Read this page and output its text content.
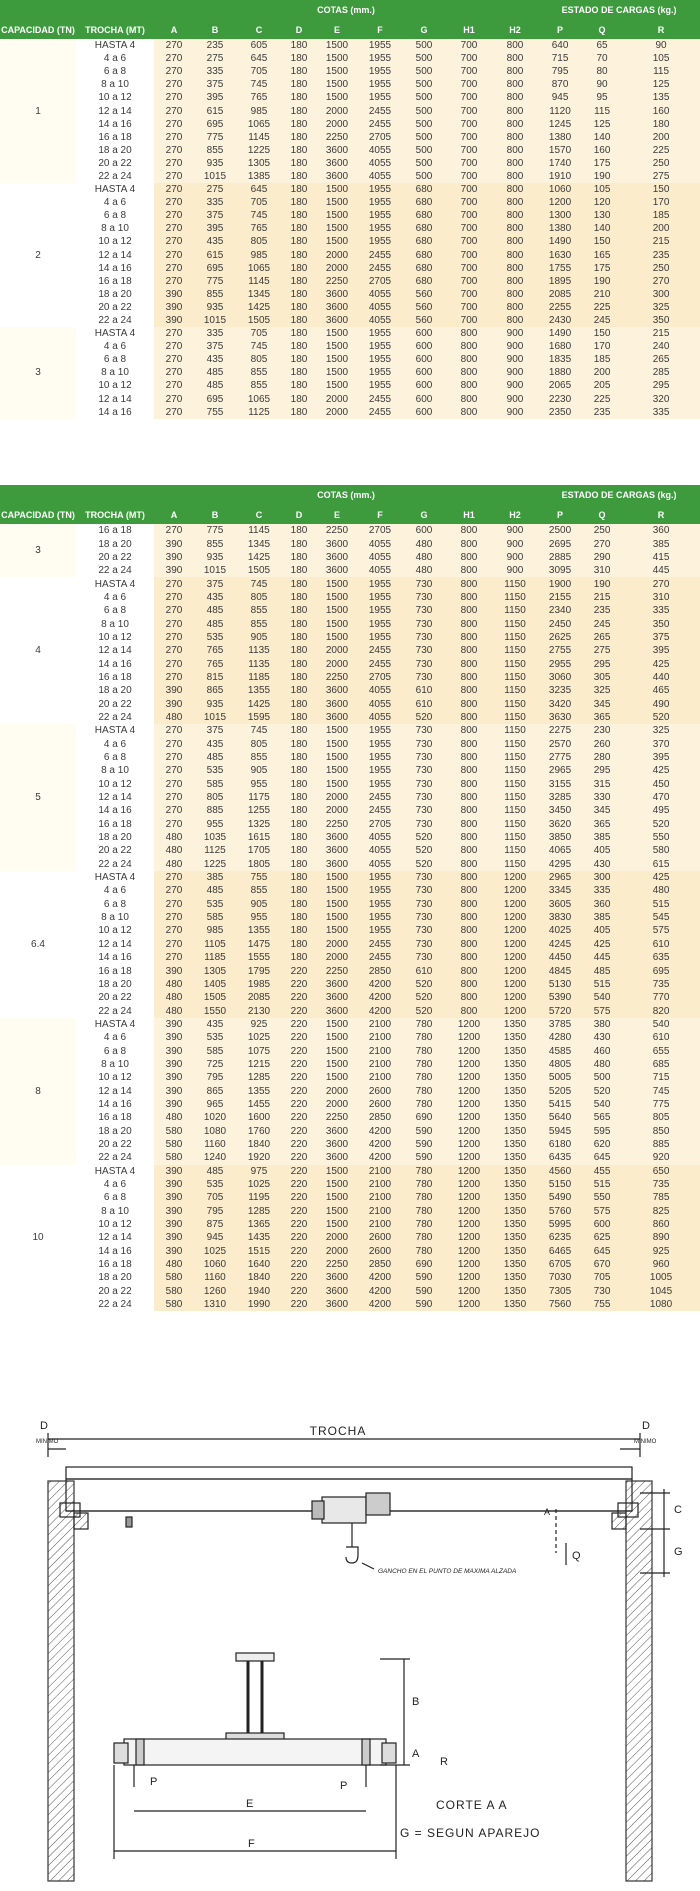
		COTAS (mm.)									ESTADO DE CARGAS (kg.)		
CAPACIDAD (TN)	TROCHA (MT)	A	B	C	D	E	F	G	H1	H2	P	Q	R
1	HASTA 4	270	235	605	180	1500	1955	500	700	800	640	65	90
	4 a 6	270	275	645	180	1500	1955	500	700	800	715	70	105
	6 a 8	270	335	705	180	1500	1955	500	700	800	795	80	115
	8 a 10	270	375	745	180	1500	1955	500	700	800	870	90	125
	10 a 12	270	395	765	180	1500	1955	500	700	800	945	95	135
	12 a 14	270	615	985	180	2000	2455	500	700	800	1120	115	160
	14 a 16	270	695	1065	180	2000	2455	500	700	800	1245	125	180
	16 a 18	270	775	1145	180	2250	2705	500	700	800	1380	140	200
	18 a 20	270	855	1225	180	3600	4055	500	700	800	1570	160	225
	20 a 22	270	935	1305	180	3600	4055	500	700	800	1740	175	250
	22 a 24	270	1015	1385	180	3600	4055	500	700	800	1910	190	275
2	HASTA 4	270	275	645	180	1500	1955	680	700	800	1060	105	150
	4 a 6	270	335	705	180	1500	1955	680	700	800	1200	120	170
	6 a 8	270	375	745	180	1500	1955	680	700	800	1300	130	185
	8 a 10	270	395	765	180	1500	1955	680	700	800	1380	140	200
	10 a 12	270	435	805	180	1500	1955	680	700	800	1490	150	215
	12 a 14	270	615	985	180	2000	2455	680	700	800	1630	165	235
	14 a 16	270	695	1065	180	2000	2455	680	700	800	1755	175	250
	16 a 18	270	775	1145	180	2250	2705	680	700	800	1895	190	270
	18 a 20	390	855	1345	180	3600	4055	560	700	800	2085	210	300
	20 a 22	390	935	1425	180	3600	4055	560	700	800	2255	225	325
	22 a 24	390	1015	1505	180	3600	4055	560	700	800	2430	245	350
3	HASTA 4	270	335	705	180	1500	1955	600	800	900	1490	150	215
	4 a 6	270	375	745	180	1500	1955	600	800	900	1680	170	240
	6 a 8	270	435	805	180	1500	1955	600	800	900	1835	185	265
	8 a 10	270	485	855	180	1500	1955	600	800	900	1880	200	285
	10 a 12	270	485	855	180	1500	1955	600	800	900	2065	205	295
	12 a 14	270	695	1065	180	2000	2455	600	800	900	2230	225	320
	14 a 16	270	755	1125	180	2000	2455	600	800	900	2350	235	335
		COTAS (mm.)									ESTADO DE CARGAS (kg.)		
CAPACIDAD (TN)	TROCHA (MT)	A	B	C	D	E	F	G	H1	H2	P	Q	R
3	16 a 18	270	775	1145	180	2250	2705	600	800	900	2500	250	360
	18 a 20	390	855	1345	180	3600	4055	480	800	900	2695	270	385
	20 a 22	390	935	1425	180	3600	4055	480	800	900	2885	290	415
	22 a 24	390	1015	1505	180	3600	4055	480	800	900	3095	310	445
4	HASTA 4	270	375	745	180	1500	1955	730	800	1150	1900	190	270
	4 a 6	270	435	805	180	1500	1955	730	800	1150	2155	215	310
	6 a 8	270	485	855	180	1500	1955	730	800	1150	2340	235	335
	8 a 10	270	485	855	180	1500	1955	730	800	1150	2450	245	350
	10 a 12	270	535	905	180	1500	1955	730	800	1150	2625	265	375
	12 a 14	270	765	1135	180	2000	2455	730	800	1150	2755	275	395
	14 a 16	270	765	1135	180	2000	2455	730	800	1150	2955	295	425
	16 a 18	270	815	1185	180	2250	2705	730	800	1150	3060	305	440
	18 a 20	390	865	1355	180	3600	4055	610	800	1150	3235	325	465
	20 a 22	390	935	1425	180	3600	4055	610	800	1150	3420	345	490
	22 a 24	480	1015	1595	180	3600	4055	520	800	1150	3630	365	520
5	HASTA 4	270	375	745	180	1500	1955	730	800	1150	2275	230	325
	4 a 6	270	435	805	180	1500	1955	730	800	1150	2570	260	370
	6 a 8	270	485	855	180	1500	1955	730	800	1150	2775	280	395
	8 a 10	270	535	905	180	1500	1955	730	800	1150	2965	295	425
	10 a 12	270	585	955	180	1500	1955	730	800	1150	3155	315	450
	12 a 14	270	805	1175	180	2000	2455	730	800	1150	3285	330	470
	14 a 16	270	885	1255	180	2000	2455	730	800	1150	3450	345	495
	16 a 18	270	955	1325	180	2250	2705	730	800	1150	3620	365	520
	18 a 20	480	1035	1615	180	3600	4055	520	800	1150	3850	385	550
	20 a 22	480	1125	1705	180	3600	4055	520	800	1150	4065	405	580
	22 a 24	480	1225	1805	180	3600	4055	520	800	1150	4295	430	615
6.4	HASTA 4	270	385	755	180	1500	1955	730	800	1200	2965	300	425
	4 a 6	270	485	855	180	1500	1955	730	800	1200	3345	335	480
	6 a 8	270	535	905	180	1500	1955	730	800	1200	3605	360	515
	8 a 10	270	585	955	180	1500	1955	730	800	1200	3830	385	545
	10 a 12	270	985	1355	180	1500	1955	730	800	1200	4025	405	575
	12 a 14	270	1105	1475	180	2000	2455	730	800	1200	4245	425	610
	14 a 16	270	1185	1555	180	2000	2455	730	800	1200	4450	445	635
	16 a 18	390	1305	1795	220	2250	2850	610	800	1200	4845	485	695
	18 a 20	480	1405	1985	220	3600	4200	520	800	1200	5130	515	735
	20 a 22	480	1505	2085	220	3600	4200	520	800	1200	5390	540	770
	22 a 24	480	1550	2130	220	3600	4200	520	800	1200	5720	575	820
8	HASTA 4	390	435	925	220	1500	2100	780	1200	1350	3785	380	540
	4 a 6	390	535	1025	220	1500	2100	780	1200	1350	4280	430	610
	6 a 8	390	585	1075	220	1500	2100	780	1200	1350	4585	460	655
	8 a 10	390	725	1215	220	1500	2100	780	1200	1350	4805	480	685
	10 a 12	390	795	1285	220	1500	2100	780	1200	1350	5005	500	715
	12 a 14	390	865	1355	220	2000	2600	780	1200	1350	5205	520	745
	14 a 16	390	965	1455	220	2000	2600	780	1200	1350	5415	540	775
	16 a 18	480	1020	1600	220	2250	2850	690	1200	1350	5640	565	805
	18 a 20	580	1080	1760	220	3600	4200	590	1200	1350	5945	595	850
	20 a 22	580	1160	1840	220	3600	4200	590	1200	1350	6180	620	885
	22 a 24	580	1240	1920	220	3600	4200	590	1200	1350	6435	645	920
10	HASTA 4	390	485	975	220	1500	2100	780	1200	1350	4560	455	650
	4 a 6	390	535	1025	220	1500	2100	780	1200	1350	5150	515	735
	6 a 8	390	705	1195	220	1500	2100	780	1200	1350	5490	550	785
	8 a 10	390	795	1285	220	1500	2100	780	1200	1350	5760	575	825
	10 a 12	390	875	1365	220	1500	2100	780	1200	1350	5995	600	860
	12 a 14	390	945	1435	220	2000	2600	780	1200	1350	6235	625	890
	14 a 16	390	1025	1515	220	2000	2600	780	1200	1350	6465	645	925
	16 a 18	480	1060	1640	220	2250	2850	690	1200	1350	6705	670	960
	18 a 20	580	1160	1840	220	3600	4200	590	1200	1350	7030	705	1005
	20 a 22	580	1260	1940	220	3600	4200	590	1200	1350	7305	730	1045
	22 a 24	580	1310	1990	220	3600	4200	590	1200	1350	7560	755	1080
TROCHA
D	D
MINIMO	MINIMO
A	C
G
Q
GANCHO EN EL PUNTO DE MAXIMA ALZADA
B
A
R
P	P
E
F
CORTE A A
G = SEGUN APAREJO
